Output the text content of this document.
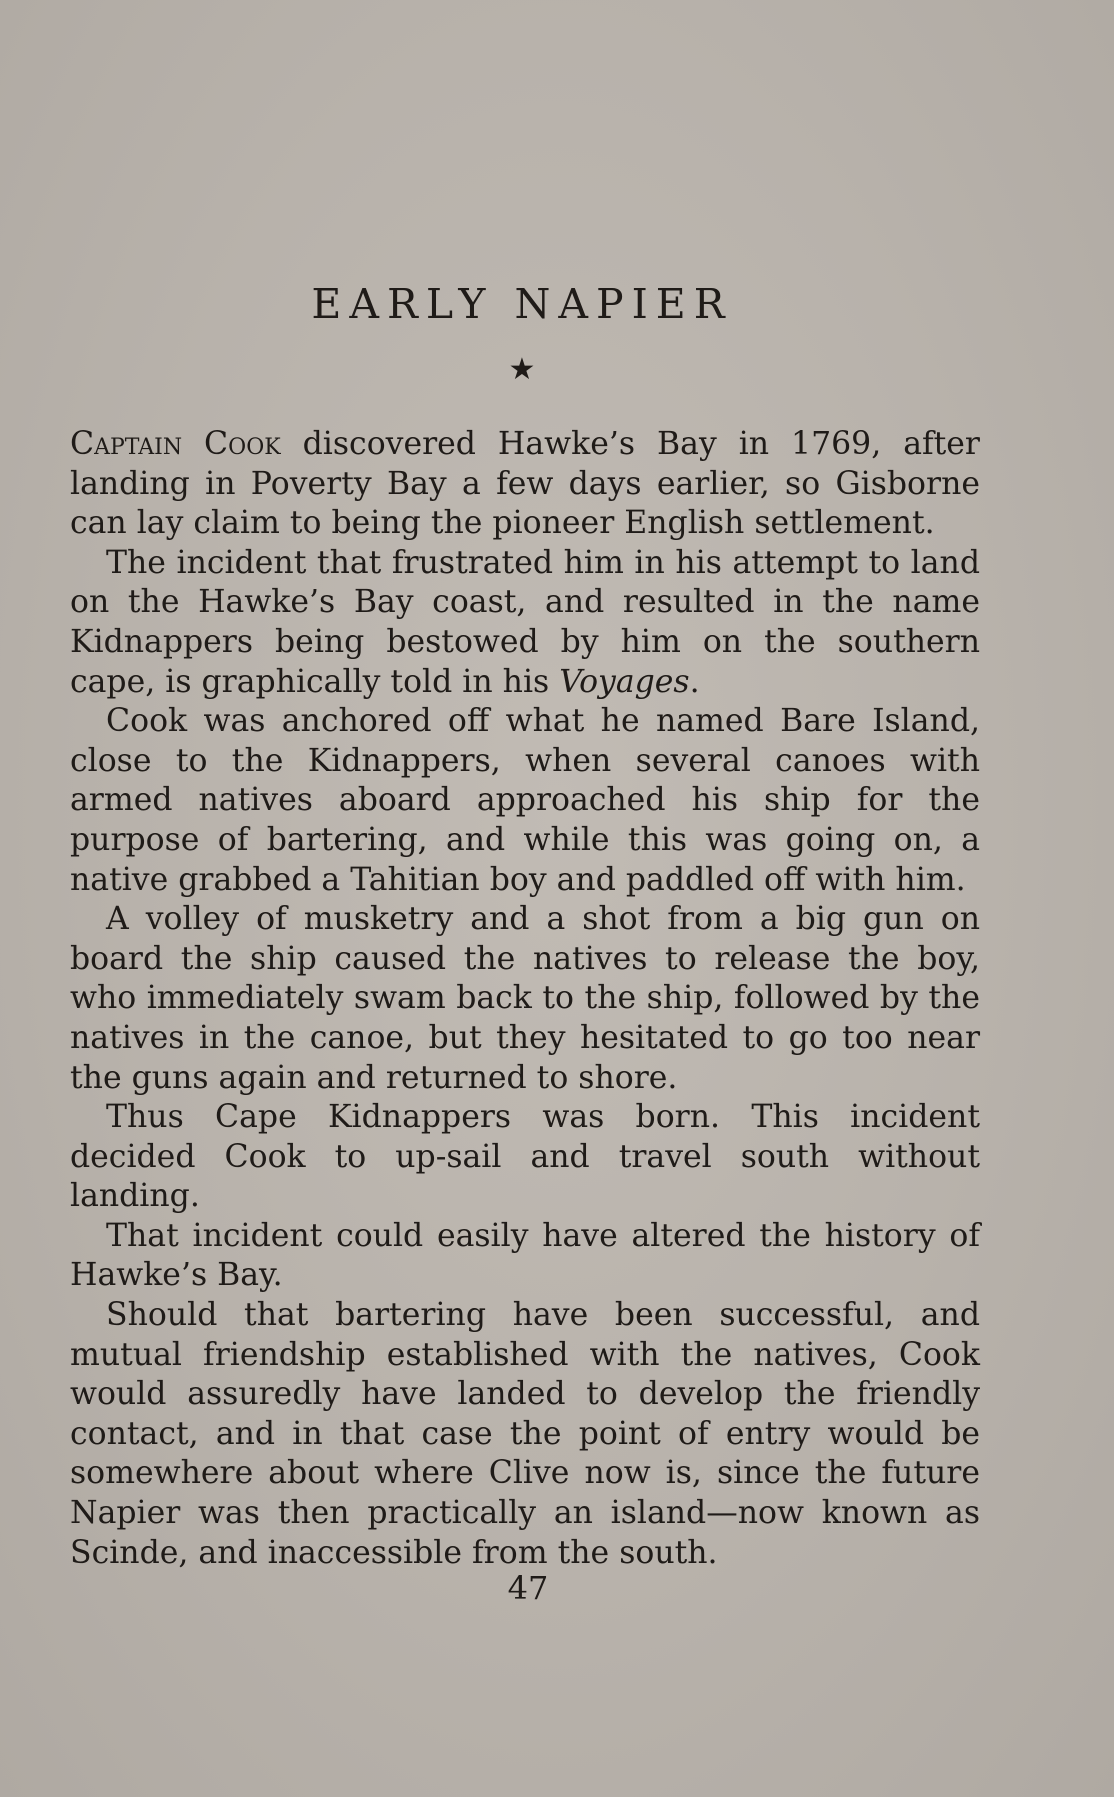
EARLY NAPIER
★

Captain Cook discovered Hawke’s Bay in 1769, after landing in Poverty Bay a few days earlier, so Gisborne can lay claim to being the pioneer English settlement.

The incident that frustrated him in his attempt to land on the Hawke’s Bay coast, and resulted in the name Kidnappers being bestowed by him on the southern cape, is graphically told in his Voyages.

Cook was anchored off what he named Bare Island, close to the Kidnappers, when several canoes with armed natives aboard approached his ship for the purpose of bartering, and while this was going on, a native grabbed a Tahitian boy and paddled off with him.

A volley of musketry and a shot from a big gun on board the ship caused the natives to release the boy, who immediately swam back to the ship, followed by the natives in the canoe, but they hesitated to go too near the guns again and returned to shore.

Thus Cape Kidnappers was born. This incident decided Cook to up-sail and travel south without landing.

That incident could easily have altered the history of Hawke’s Bay.

Should that bartering have been successful, and mutual friendship established with the natives, Cook would assuredly have landed to develop the friendly contact, and in that case the point of entry would be somewhere about where Clive now is, since the future Napier was then practically an island—now known as Scinde, and inaccessible from the south.

47
